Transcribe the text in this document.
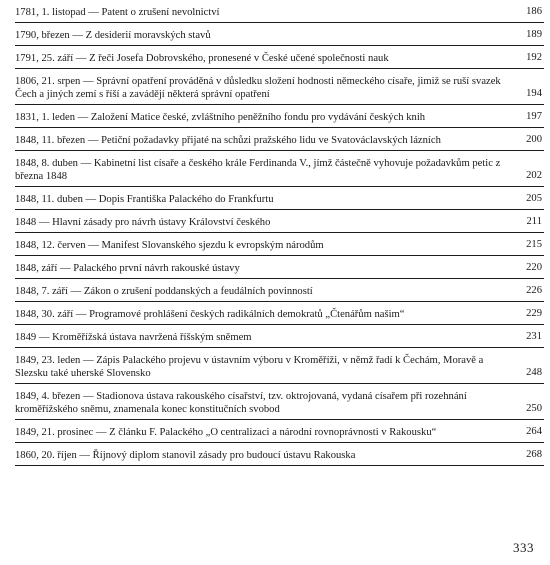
1781, 1. listopad — Patent o zrušení nevolnictví	186
1790, březen — Z desiderií moravských stavů	189
1791, 25. září — Z řeči Josefa Dobrovského, pronesené v České učené společnosti nauk	192
1806, 21. srpen — Správní opatření prováděná v důsledku složení hodnosti německého císaře, jimiž se ruší svazek Čech a jiných zemí s říší a zavádějí některá správní opatření	194
1831, 1. leden — Založení Matice české, zvláštního peněžního fondu pro vydávání českých knih	197
1848, 11. březen — Petiční požadavky přijaté na schůzi pražského lidu ve Svatováclavských lázních	200
1848, 8. duben — Kabinetní list císaře a českého krále Ferdinanda V., jímž částečně vyhovuje požadavkům petic z března 1848	202
1848, 11. duben — Dopis Františka Palackého do Frankfurtu	205
1848 — Hlavní zásady pro návrh ústavy Království českého	211
1848, 12. červen — Manifest Slovanského sjezdu k evropským národům	215
1848, září — Palackého první návrh rakouské ústavy	220
1848, 7. září — Zákon o zrušení poddanských a feudálních povinností	226
1848, 30. září — Programové prohlášení českých radikálních demokratů „Čtenářům našim“	229
1849 — Kroměřížská ústava navržená říšským sněmem	231
1849, 23. leden — Zápis Palackého projevu v ústavním výboru v Kroměříži, v němž řadí k Čechám, Moravě a Slezsku také uherské Slovensko	248
1849, 4. březen — Stadionova ústava rakouského císařství, tzv. oktrojovaná, vydaná císařem při rozehnání kroměřížského sněmu, znamenala konec konstitučních svobod	250
1849, 21. prosinec — Z článku F. Palackého „O centralizaci a národní rovnoprávnosti v Rakousku“	264
1860, 20. říjen — Říjnový diplom stanovil zásady pro budoucí ústavu Rakouska	268
333
